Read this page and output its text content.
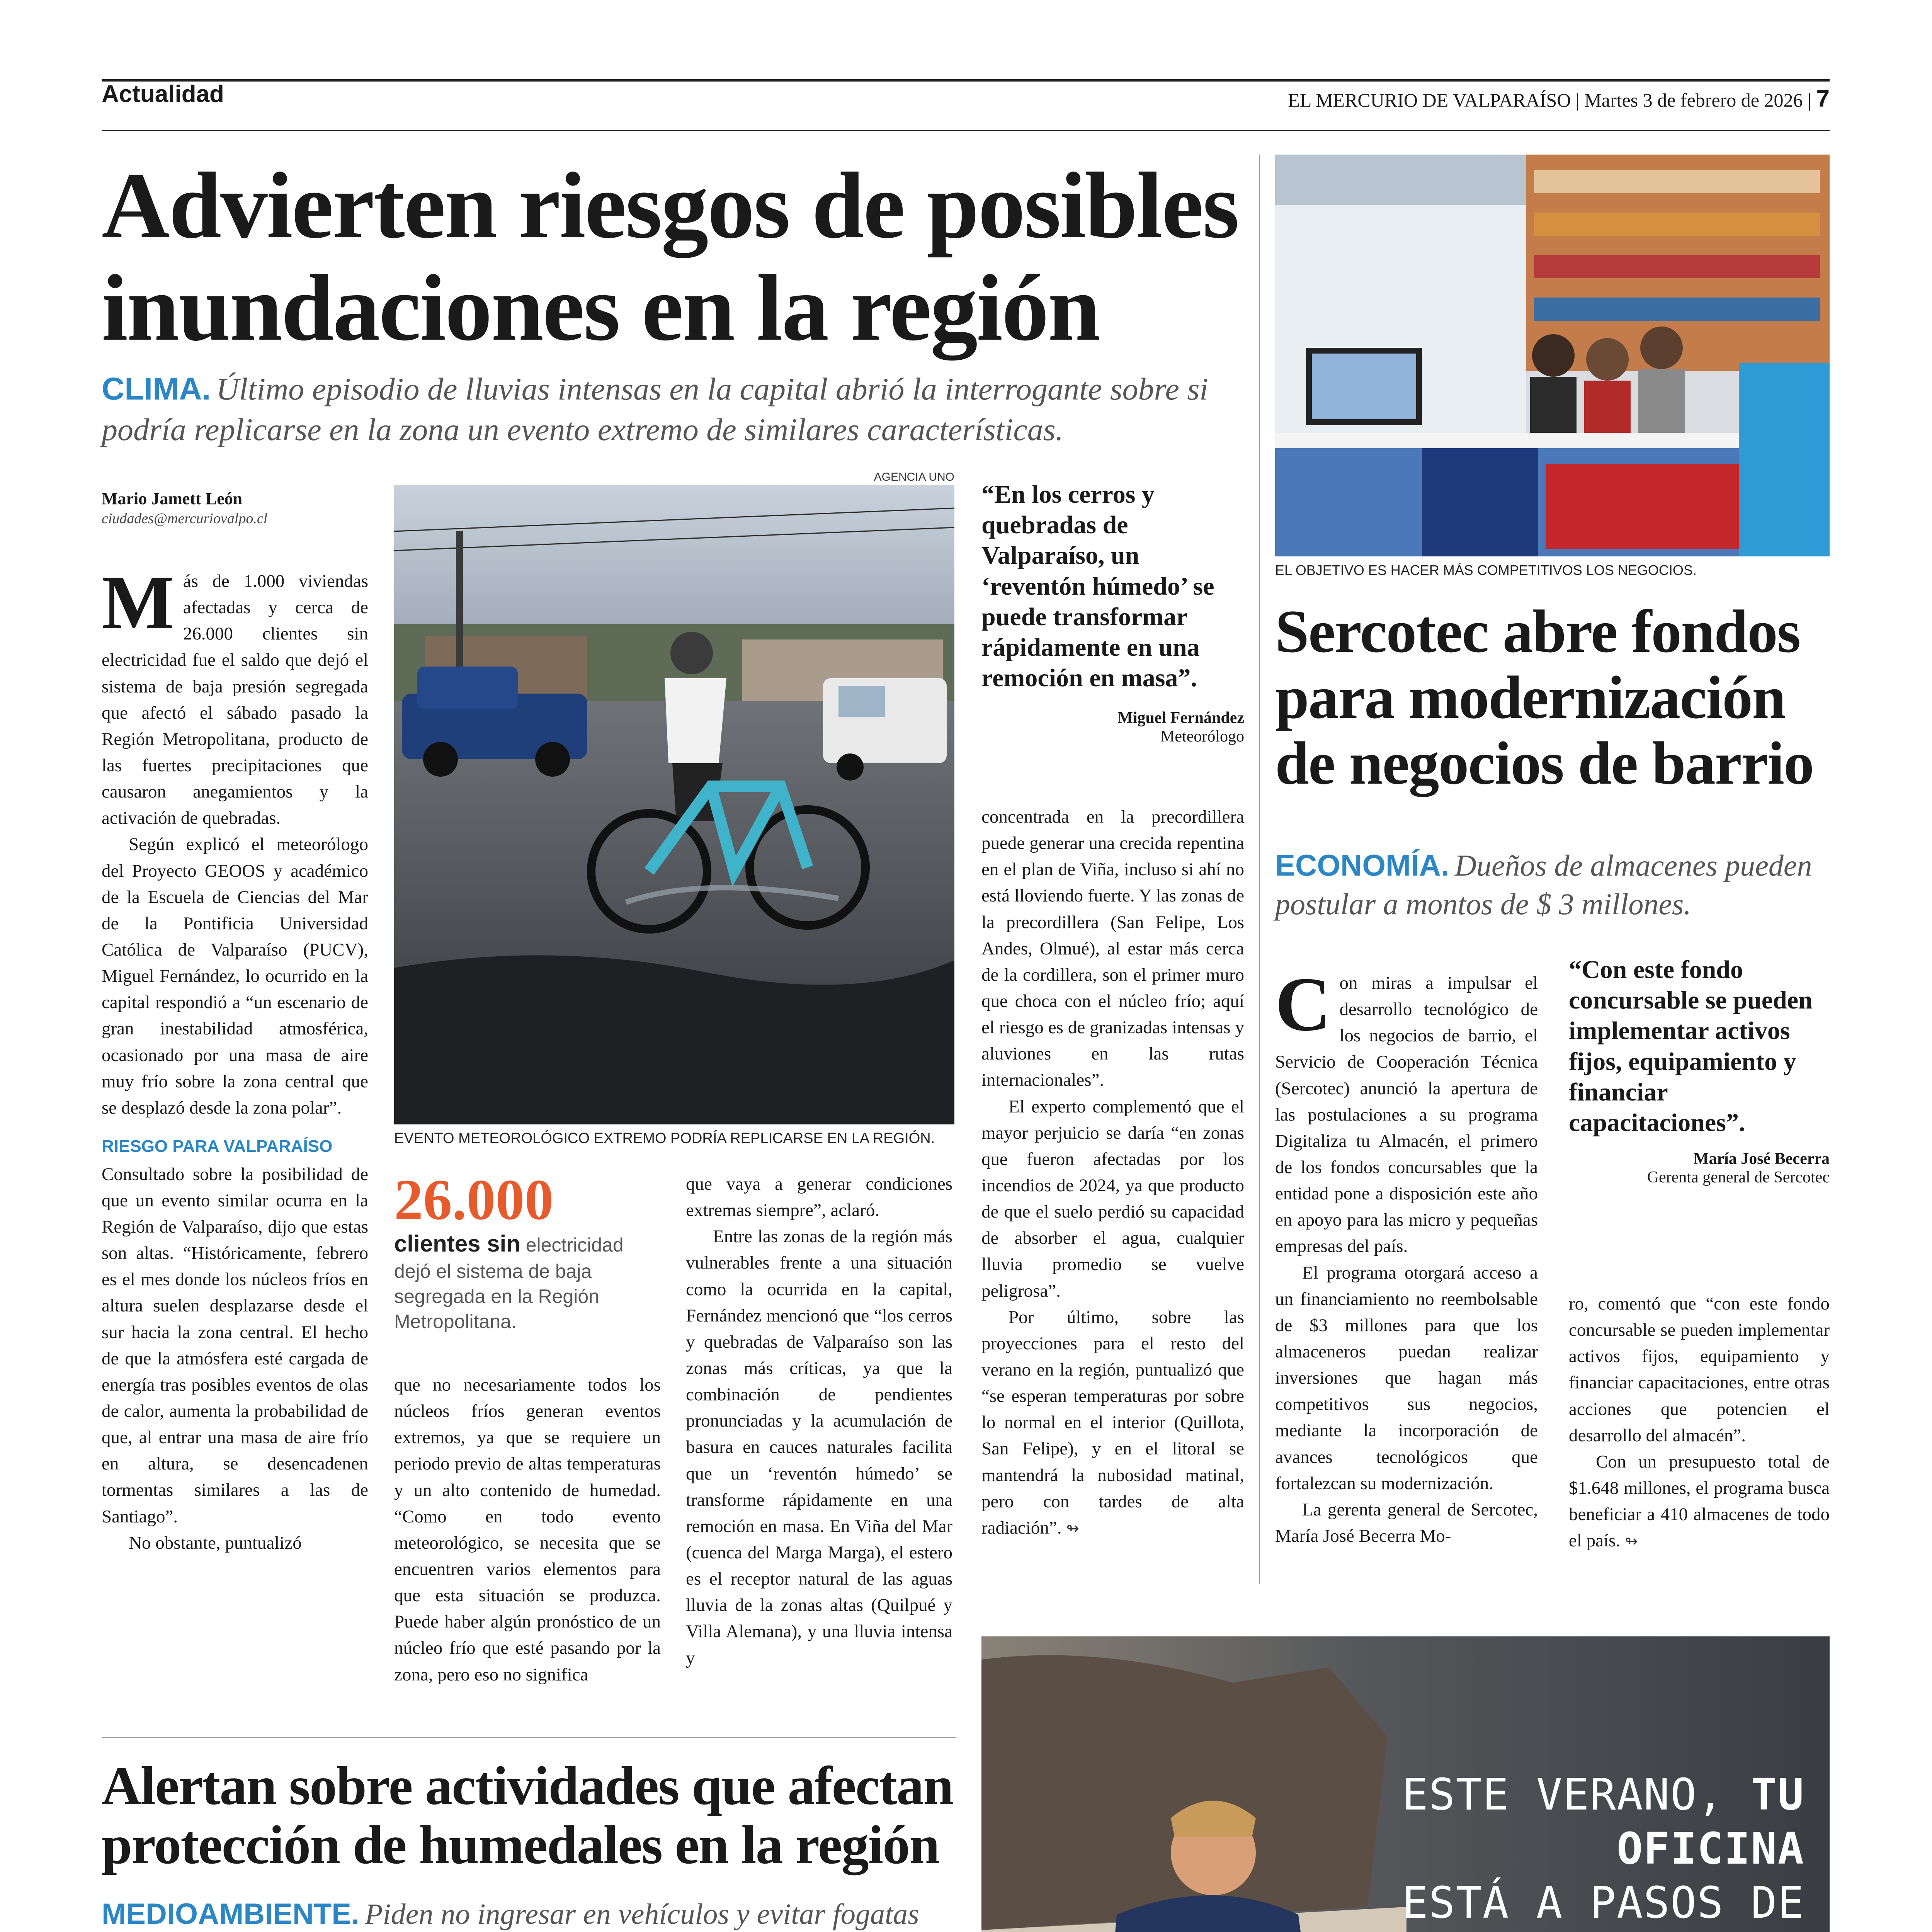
Actualidad	EL MERCURIO DE VALPARAÍSO | Martes 3 de febrero de 2026 | 7
Advierten riesgos de posibles
inundaciones en la región
CLIMA. Último episodio de lluvias intensas en la capital abrió la interrogante sobre si podría replicarse en la zona un evento extremo de similares características.
Mario Jamett León
ciudades@mercuriovalpo.cl
M ás de 1.000 viviendas afectadas y cerca de 26.000 clientes sin electricidad fue el saldo que dejó el sistema de baja presión segregada que afectó el sábado pasado la Región Metropolitana, producto de las fuertes precipitaciones que causaron anegamientos y la activación de quebradas.

Según explicó el meteorólogo del Proyecto GEOOS y académico de la Escuela de Ciencias del Mar de la Pontificia Universidad Católica de Valparaíso (PUCV), Miguel Fernández, lo ocurrido en la capital respondió a “un escenario de gran inestabilidad atmosférica, ocasionado por una masa de aire muy frío sobre la zona central que se desplazó desde la zona polar”.

RIESGO PARA VALPARAÍSO

Consultado sobre la posibilidad de que un evento similar ocurra en la Región de Valparaíso, dijo que estas son altas. “Históricamente, febrero es el mes donde los núcleos fríos en altura suelen desplazarse desde el sur hacia la zona central. El hecho de que la atmósfera esté cargada de energía tras posibles eventos de olas de calor, aumenta la probabilidad de que, al entrar una masa de aire frío en altura, se desencadenen tormentas similares a las de Santiago”.

No obstante, puntualizó

AGENCIA UNO
EVENTO METEOROLÓGICO EXTREMO PODRÍA REPLICARSE EN LA REGIÓN.
26.000
clientes sin electricidad dejó el sistema de baja segregada en la Región Metropolitana.

que no necesariamente todos los núcleos fríos generan eventos extremos, ya que se requiere un periodo previo de altas temperaturas y un alto contenido de humedad. “Como en todo evento meteorológico, se necesita que se encuentren varios elementos para que esta situación se produzca. Puede haber algún pronóstico de un núcleo frío que esté pasando por la zona, pero eso no significa

que vaya a generar condiciones extremas siempre”, aclaró.

Entre las zonas de la región más vulnerables frente a una situación como la ocurrida en la capital, Fernández mencionó que “los cerros y quebradas de Valparaíso son las zonas más críticas, ya que la combinación de pendientes pronunciadas y la acumulación de basura en cauces naturales facilita que un ‘reventón húmedo’ se transforme rápidamente en una remoción en masa. En Viña del Mar (cuenca del Marga Marga), el estero es el receptor natural de las aguas lluvia de la zonas altas (Quilpué y Villa Alemana), y una lluvia intensa y

“En los cerros y quebradas de Valparaíso, un ‘reventón húmedo’ se puede transformar rápidamente en una remoción en masa”.
Miguel Fernández
Meteorólogo

concentrada en la precordillera puede generar una crecida repentina en el plan de Viña, incluso si ahí no está lloviendo fuerte. Y las zonas de la precordillera (San Felipe, Los Andes, Olmué), al estar más cerca de la cordillera, son el primer muro que choca con el núcleo frío; aquí el riesgo es de granizadas intensas y aluviones en las rutas internacionales”.

El experto complementó que el mayor perjuicio se daría “en zonas que fueron afectadas por los incendios de 2024, ya que producto de que el suelo perdió su capacidad de absorber el agua, cualquier lluvia promedio se vuelve peligrosa”.

Por último, sobre las proyecciones para el resto del verano en la región, puntualizó que “se esperan temperaturas por sobre lo normal en el interior (Quillota, San Felipe), y en el litoral se mantendrá la nubosidad matinal, pero con tardes de alta radiación”. ↬

EL OBJETIVO ES HACER MÁS COMPETITIVOS LOS NEGOCIOS.
Sercotec abre fondos
para modernización
de negocios de barrio
ECONOMÍA. Dueños de almacenes pueden postular a montos de $ 3 millones.
C on miras a impulsar el desarrollo tecnológico de los negocios de barrio, el Servicio de Cooperación Técnica (Sercotec) anunció la apertura de las postulaciones a su programa Digitaliza tu Almacén, el primero de los fondos concursables que la entidad pone a disposición este año en apoyo para las micro y pequeñas empresas del país.

El programa otorgará acceso a un financiamiento no reembolsable de $3 millones para que los almaceneros puedan realizar inversiones que hagan más competitivos sus negocios, mediante la incorporación de avances tecnológicos que fortalezcan su modernización.

La gerenta general de Sercotec, María José Becerra Mo-

“Con este fondo concursable se pueden implementar activos fijos, equipamiento y financiar capacitaciones”.
María José Becerra
Gerenta general de Sercotec

ro, comentó que “con este fondo concursable se pueden implementar activos fijos, equipamiento y financiar capacitaciones, entre otras acciones que potencien el desarrollo del almacén”.

Con un presupuesto total de $1.648 millones, el programa busca beneficiar a 410 almacenes de todo el país. ↬

Alertan sobre actividades que afectan
protección de humedales en la región
MEDIOAMBIENTE. Piden no ingresar en vehículos y evitar fogatas

ESTE VERANO, TU OFICINA
ESTÁ A PASOS DE
